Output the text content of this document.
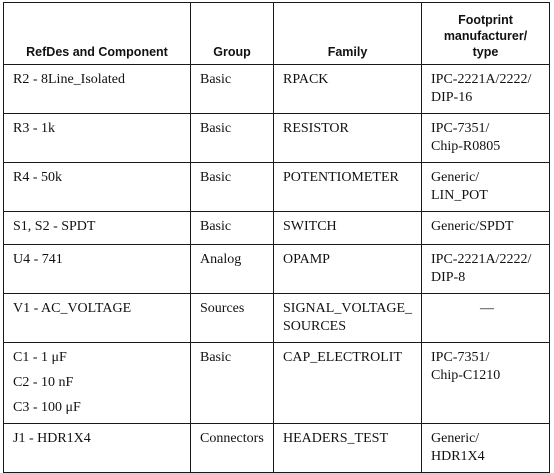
RefDes and Component	Group	Family	Footprint
manufacturer/
type

R2 - 8Line_Isolated	Basic	RPACK	IPC-2221A/2222/
DIP-16

R3 - 1k	Basic	RESISTOR	IPC-7351/
Chip-R0805

R4 - 50k	Basic	POTENTIOMETER	Generic/
LIN_POT

S1, S2 - SPDT	Basic	SWITCH	Generic/SPDT

U4 - 741	Analog	OPAMP	IPC-2221A/2222/
DIP-8

V1 - AC_VOLTAGE	Sources	SIGNAL_VOLTAGE_
SOURCES	—

C1 - 1 μF
C2 - 10 nF
C3 - 100 μF	Basic	CAP_ELECTROLIT	IPC-7351/
Chip-C1210

J1 - HDR1X4	Connectors	HEADERS_TEST	Generic/
HDR1X4
